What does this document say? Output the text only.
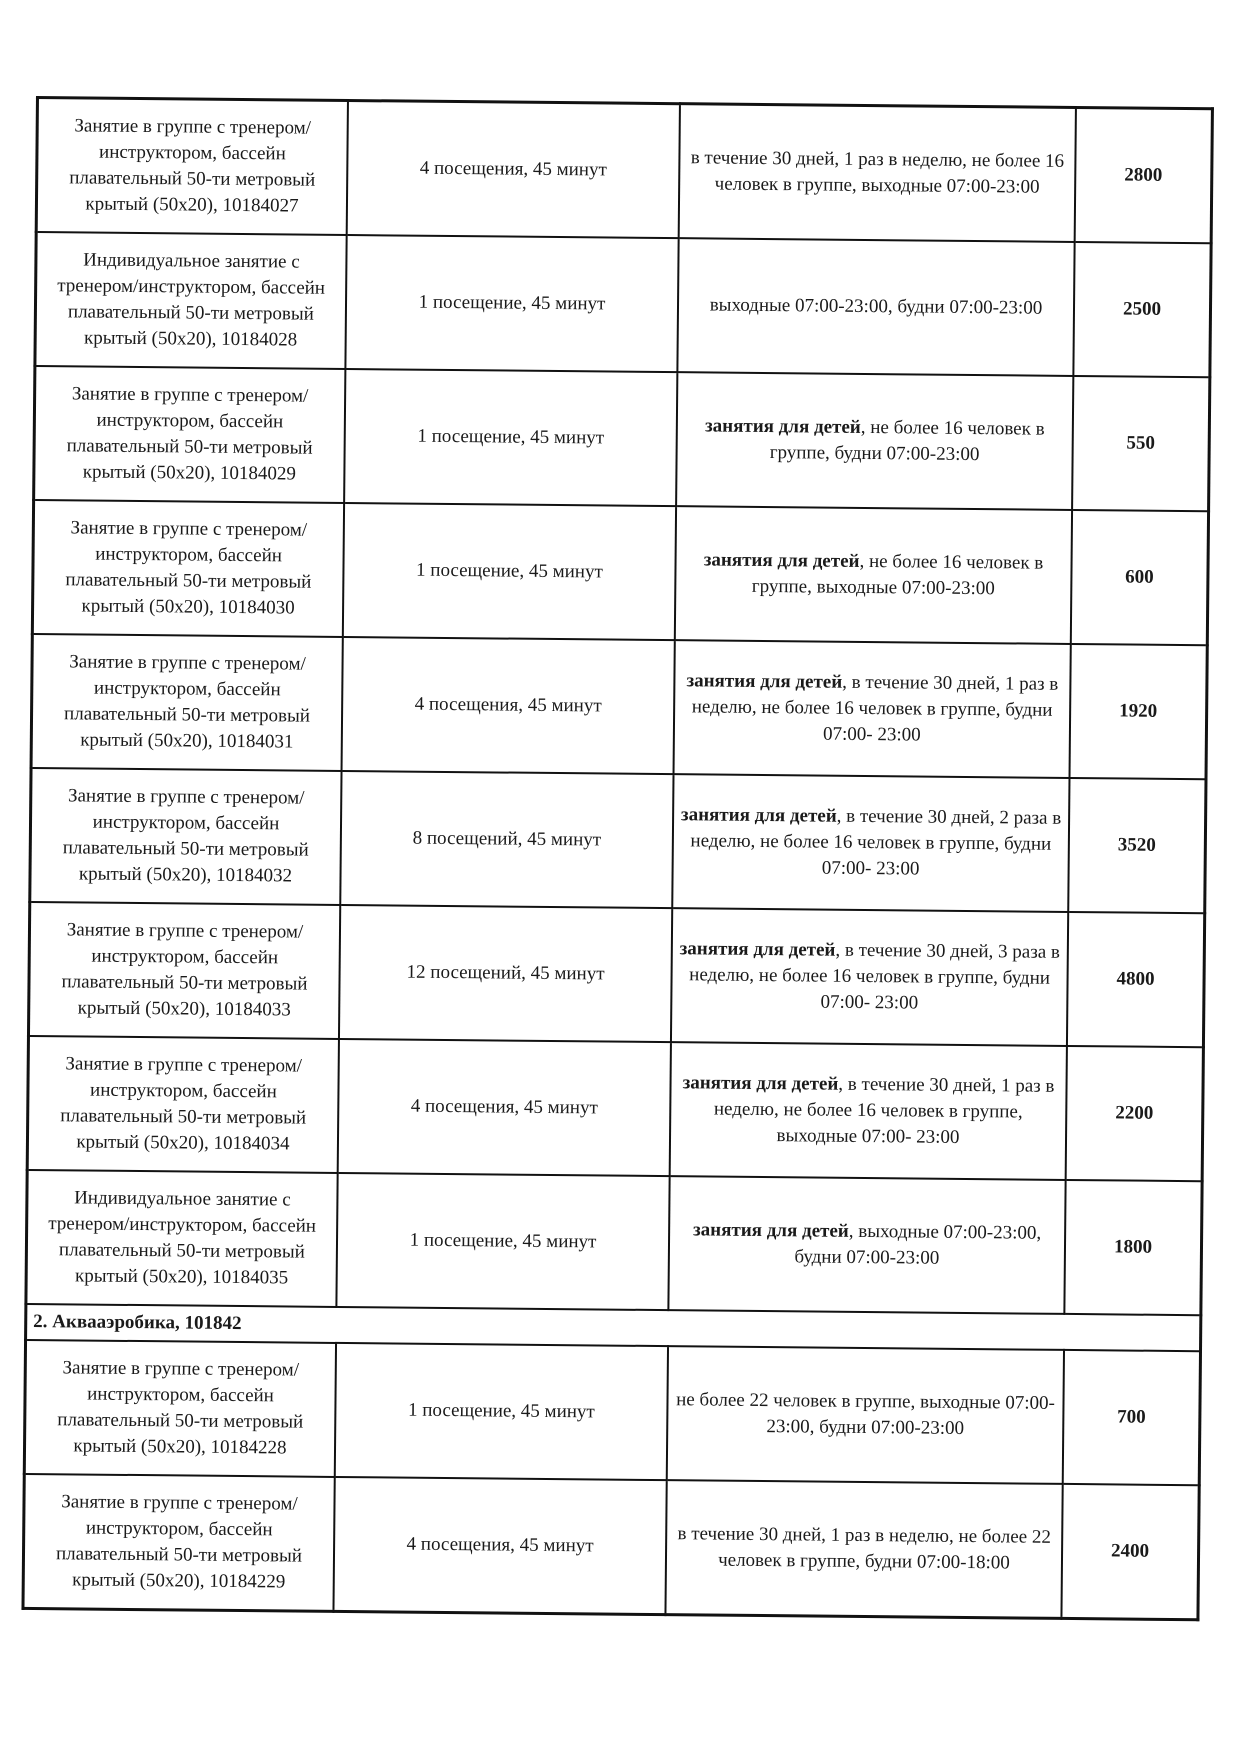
Занятие в группе с тренером/инструктором, бассейн плавательный 50-ти метровый крытый (50х20), 10184027	4 посещения, 45 минут	в течение 30 дней, 1 раз в неделю, не более 16 человек в группе, выходные 07:00-23:00	2800
Индивидуальное занятие с тренером/инструктором, бассейн плавательный 50-ти метровый крытый (50х20), 10184028	1 посещение, 45 минут	выходные 07:00-23:00, будни 07:00-23:00	2500
Занятие в группе с тренером/инструктором, бассейн плавательный 50-ти метровый крытый (50х20), 10184029	1 посещение, 45 минут	занятия для детей, не более 16 человек в группе, будни 07:00-23:00	550
Занятие в группе с тренером/инструктором, бассейн плавательный 50-ти метровый крытый (50х20), 10184030	1 посещение, 45 минут	занятия для детей, не более 16 человек в группе, выходные 07:00-23:00	600
Занятие в группе с тренером/инструктором, бассейн плавательный 50-ти метровый крытый (50х20), 10184031	4 посещения, 45 минут	занятия для детей, в течение 30 дней, 1 раз в неделю, не более 16 человек в группе, будни 07:00- 23:00	1920
Занятие в группе с тренером/инструктором, бассейн плавательный 50-ти метровый крытый (50х20), 10184032	8 посещений, 45 минут	занятия для детей, в течение 30 дней, 2 раза в неделю, не более 16 человек в группе, будни 07:00- 23:00	3520
Занятие в группе с тренером/инструктором, бассейн плавательный 50-ти метровый крытый (50х20), 10184033	12 посещений, 45 минут	занятия для детей, в течение 30 дней, 3 раза в неделю, не более 16 человек в группе, будни 07:00- 23:00	4800
Занятие в группе с тренером/инструктором, бассейн плавательный 50-ти метровый крытый (50х20), 10184034	4 посещения, 45 минут	занятия для детей, в течение 30 дней, 1 раз в неделю, не более 16 человек в группе, выходные 07:00- 23:00	2200
Индивидуальное занятие с тренером/инструктором, бассейн плавательный 50-ти метровый крытый (50х20), 10184035	1 посещение, 45 минут	занятия для детей, выходные 07:00-23:00, будни 07:00-23:00	1800
2. Аквааэробика, 101842			
Занятие в группе с тренером/инструктором, бассейн плавательный 50-ти метровый крытый (50х20), 10184228	1 посещение, 45 минут	не более 22 человек в группе, выходные 07:00-23:00, будни 07:00-23:00	700
Занятие в группе с тренером/инструктором, бассейн плавательный 50-ти метровый крытый (50х20), 10184229	4 посещения, 45 минут	в течение 30 дней, 1 раз в неделю, не более 22 человек в группе, будни 07:00-18:00	2400
